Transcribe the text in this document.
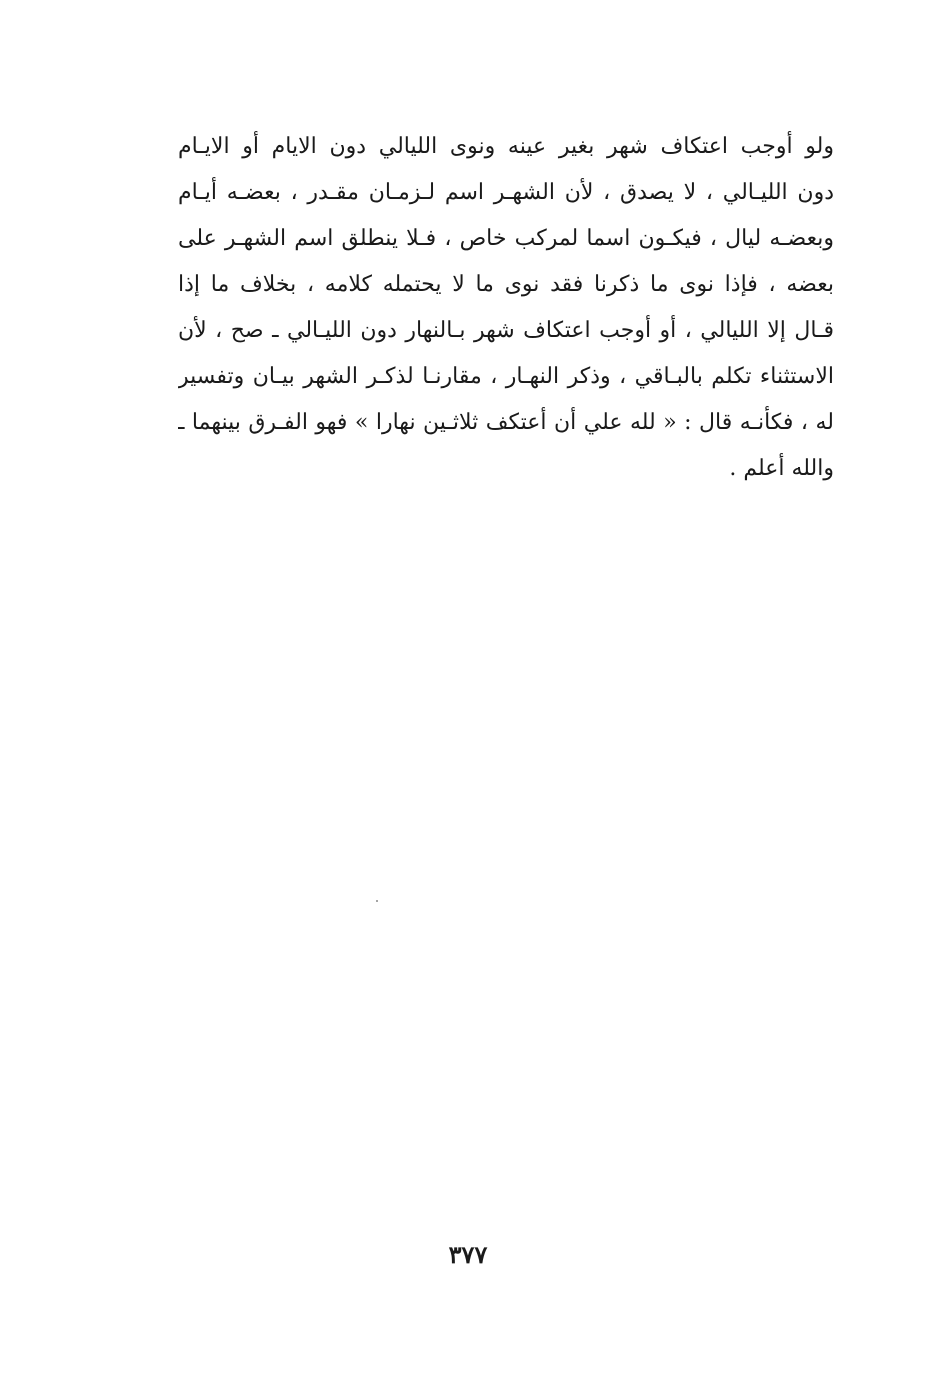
ولو أوجب اعتكاف شهر بغير عينه ونوى الليالي دون الايام أو الايـام
دون الليـالي ، لا يصدق ، لأن الشهـر اسم لـزمـان مقـدر ، بعضـه أيـام
وبعضـه ليال ، فيكـون اسما لمركب خاص ، فـلا ينطلق اسم الشهـر على
بعضه ، فإذا نوى ما ذكرنا فقد نوى ما لا يحتمله كلامه ، بخلاف ما إذا
قـال إلا الليالي ، أو أوجب اعتكاف شهر بـالنهار دون الليـالي ـ صح ، لأن
الاستثناء تكلم بالبـاقي ، وذكر النهـار ، مقارنـا لذكـر الشهر بيـان وتفسير
له ، فكأنـه قال : « لله علي أن أعتكف ثلاثـين نهارا » فهو الفـرق بينهما ـ
والله أعلم .
٣٧٧
